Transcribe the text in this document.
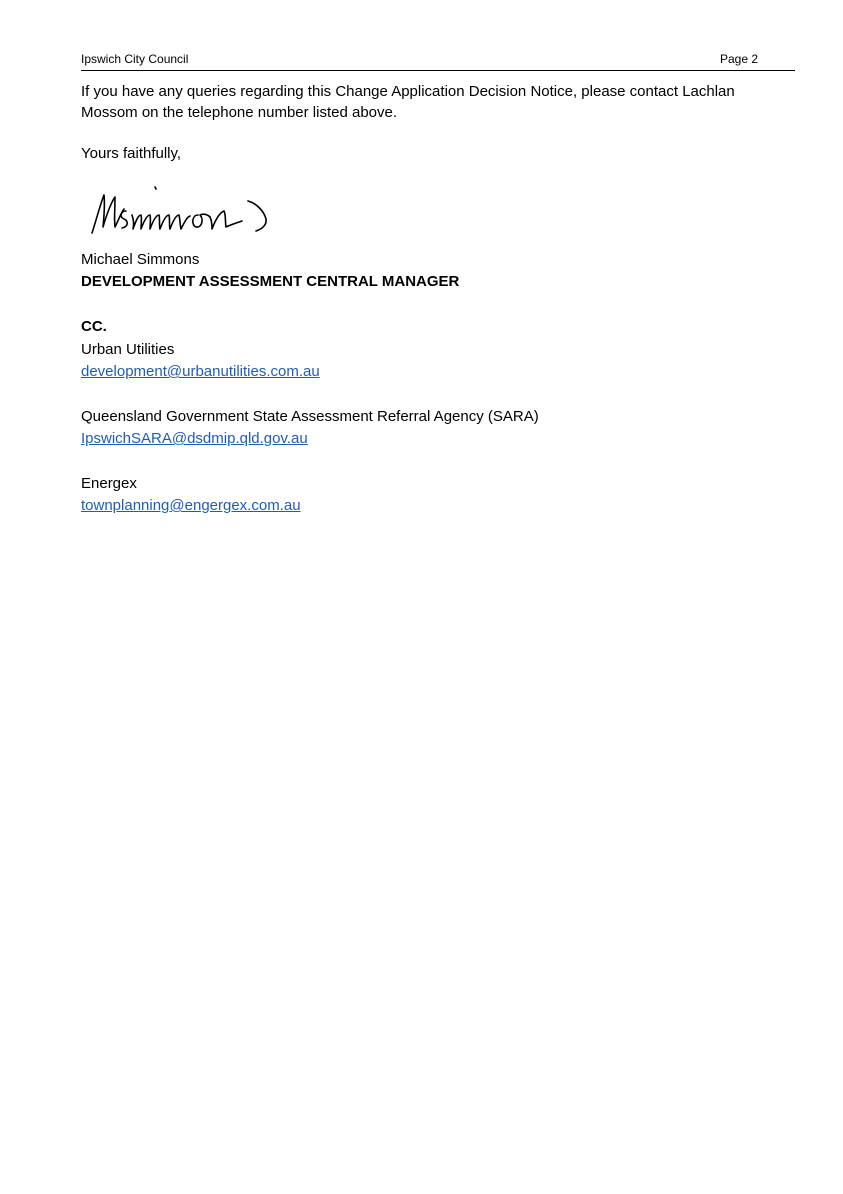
Ipswich City Council	Page 2
If you have any queries regarding this Change Application Decision Notice, please contact Lachlan
Mossom on the telephone number listed above.
Yours faithfully,
Michael Simmons
DEVELOPMENT ASSESSMENT CENTRAL MANAGER
CC.
Urban Utilities
development@urbanutilities.com.au
Queensland Government State Assessment Referral Agency (SARA)
IpswichSARA@dsdmip.qld.gov.au
Energex
townplanning@engergex.com.au
